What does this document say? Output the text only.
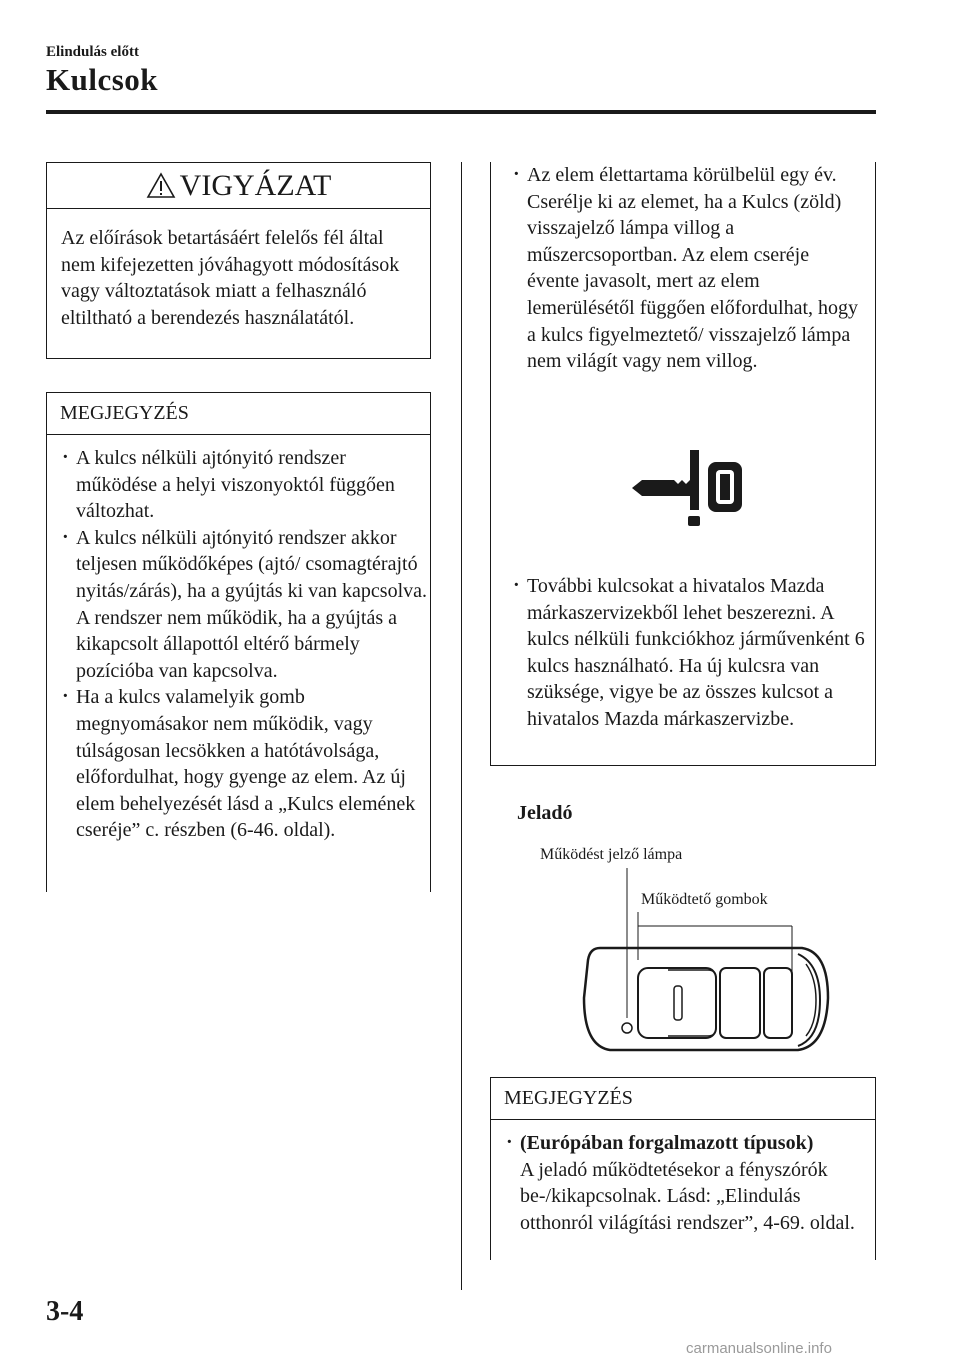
Elindulás előtt
Kulcsok
VIGYÁZAT
Az előírások betartásáért felelős fél által nem kifejezetten jóváhagyott módosítások vagy változtatások miatt a felhasználó eltiltható a berendezés használatától.
MEGJEGYZÉS
· A kulcs nélküli ajtónyitó rendszer működése a helyi viszonyoktól függően változhat.
· A kulcs nélküli ajtónyitó rendszer akkor teljesen működőképes (ajtó/ csomagtérajtó nyitás/zárás), ha a gyújtás ki van kapcsolva. A rendszer nem működik, ha a gyújtás a kikapcsolt állapottól eltérő bármely pozícióba van kapcsolva.
· Ha a kulcs valamelyik gomb megnyomásakor nem működik, vagy túlságosan lecsökken a hatótávolsága, előfordulhat, hogy gyenge az elem. Az új elem behelyezését lásd a „Kulcs elemének cseréje” c. részben (6-46. oldal).
· Az elem élettartama körülbelül egy év. Cserélje ki az elemet, ha a Kulcs (zöld) visszajelző lámpa villog a műszercsoportban. Az elem cseréje évente javasolt, mert az elem lemerülésétől függően előfordulhat, hogy a kulcs figyelmeztető/ visszajelző lámpa nem világít vagy nem villog.
· További kulcsokat a hivatalos Mazda márkaszervizekből lehet beszerezni. A kulcs nélküli funkciókhoz járművenként 6 kulcs használható. Ha új kulcsra van szüksége, vigye be az összes kulcsot a hivatalos Mazda márkaszervizbe.
Jeladó
Működést jelző lámpa
Működtető gombok
MEGJEGYZÉS
· (Európában forgalmazott típusok)
A jeladó működtetésekor a fényszórók be-/kikapcsolnak. Lásd: „Elindulás otthonról világítási rendszer”, 4-69. oldal.
3-4
carmanualsonline.info
